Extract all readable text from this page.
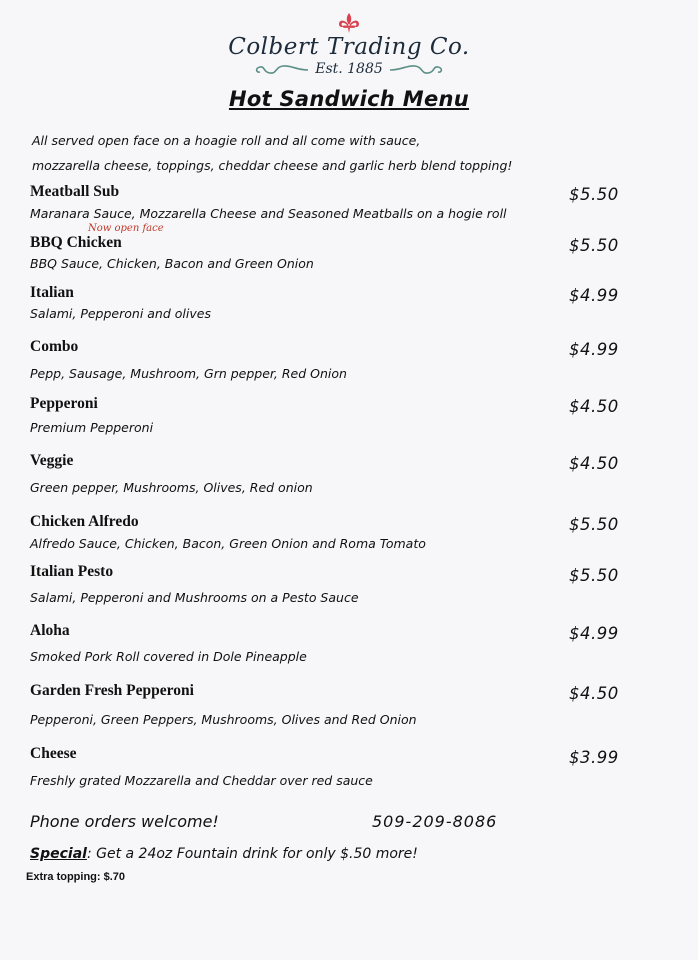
Colbert Trading Co.
Est. 1885
Hot Sandwich Menu
All served open face on a hoagie roll and all come with sauce,
mozzarella cheese, toppings, cheddar cheese and garlic herb blend topping!
Meatball Sub	$5.50
Maranara Sauce, Mozzarella Cheese and Seasoned Meatballs on a hogie roll
Now open face
BBQ Chicken	$5.50
BBQ Sauce, Chicken, Bacon and Green Onion
Italian	$4.99
Salami, Pepperoni and olives
Combo	$4.99
Pepp, Sausage, Mushroom, Grn pepper, Red Onion
Pepperoni	$4.50
Premium Pepperoni
Veggie	$4.50
Green pepper, Mushrooms, Olives, Red onion
Chicken Alfredo	$5.50
Alfredo Sauce, Chicken, Bacon, Green Onion and Roma Tomato
Italian Pesto	$5.50
Salami, Pepperoni and Mushrooms on a Pesto Sauce
Aloha	$4.99
Smoked Pork Roll covered in Dole Pineapple
Garden Fresh Pepperoni	$4.50
Pepperoni, Green Peppers, Mushrooms, Olives and Red Onion
Cheese	$3.99
Freshly grated Mozzarella and Cheddar over red sauce
Phone orders welcome!	509-209-8086
Special: Get a 24oz Fountain drink for only $.50 more!
Extra topping: $.70
